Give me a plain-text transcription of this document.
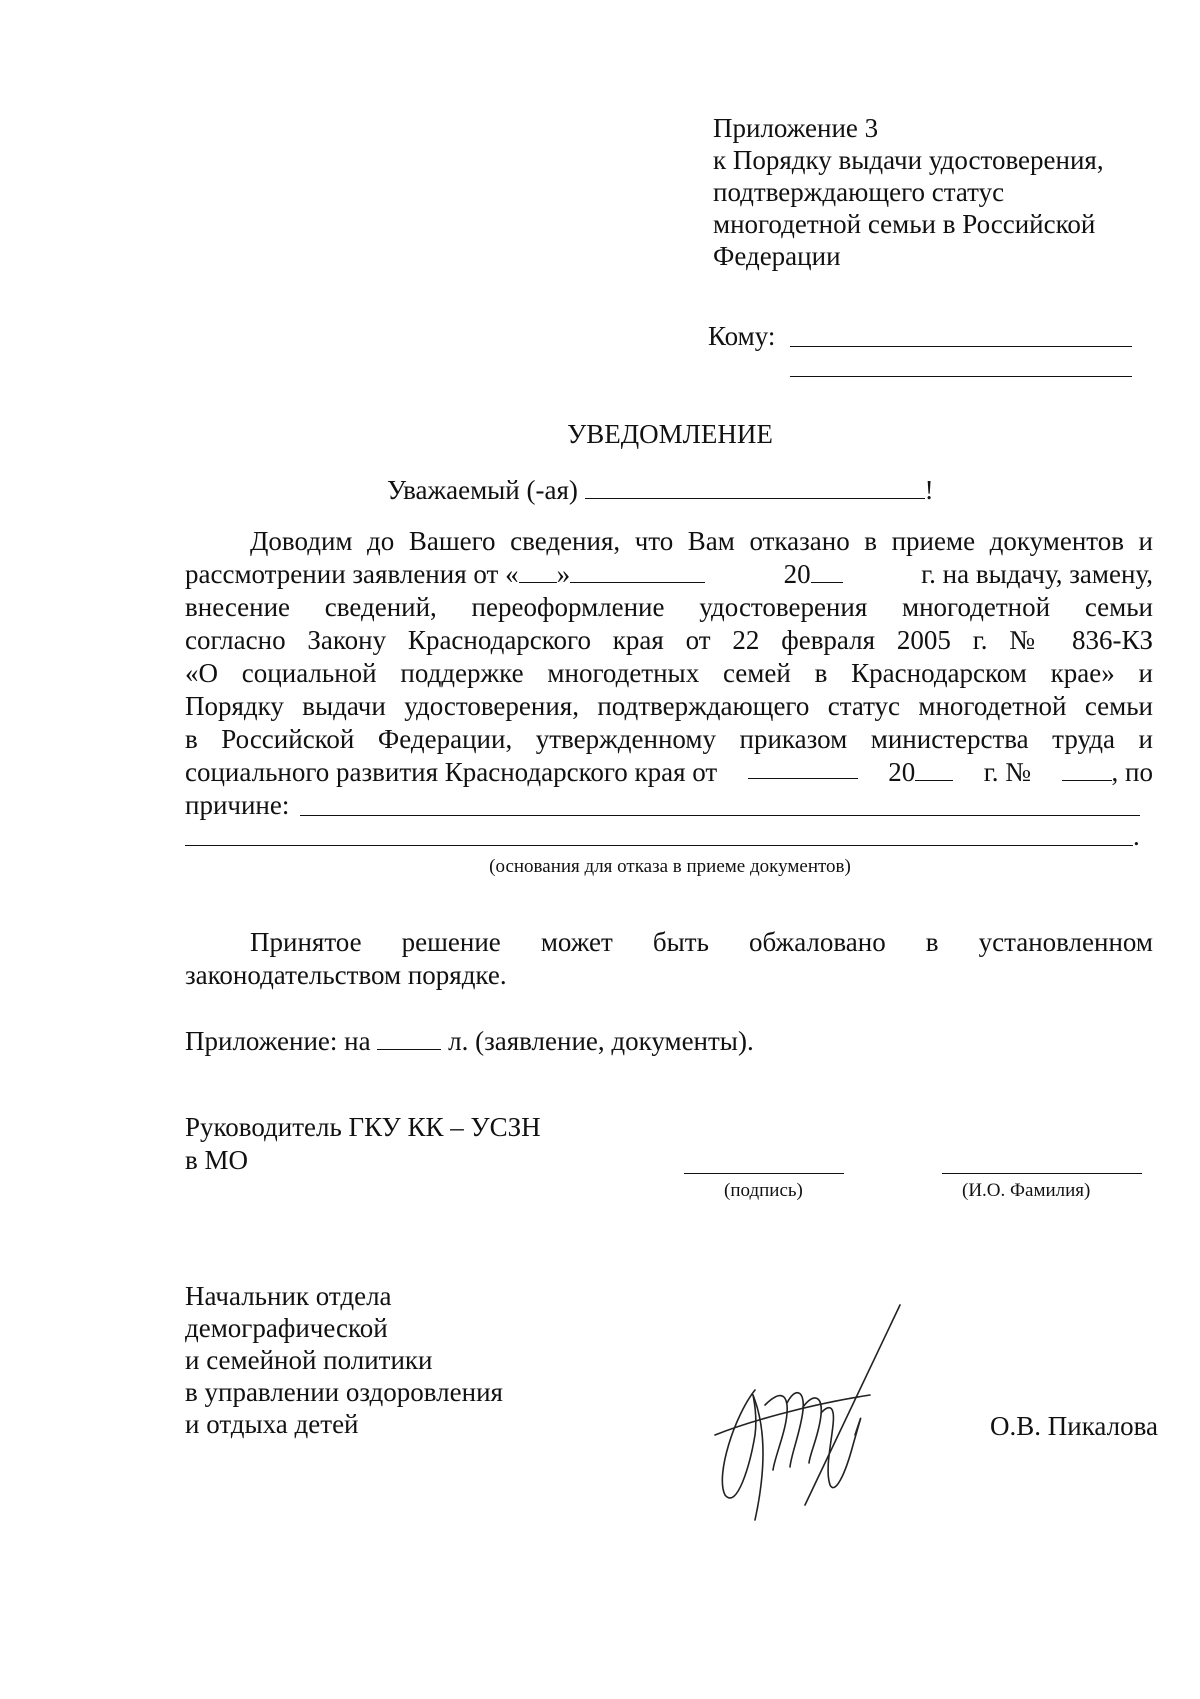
Приложение 3
к Порядку выдачи удостоверения,
подтверждающего статус
многодетной семьи в Российской
Федерации
Кому:
УВЕДОМЛЕНИЕ
Уважаемый (-ая)	!
Доводим до Вашего сведения, что Вам отказано в приеме документов и
рассмотрении заявления от « »	20	г. на выдачу, замену,
внесение сведений, переоформление удостоверения многодетной семьи
согласно Закону Краснодарского края от 22 февраля 2005 г. № 836-КЗ
«О социальной поддержке многодетных семей в Краснодарском крае» и
Порядку выдачи удостоверения, подтверждающего статус многодетной семьи
в Российской Федерации, утвержденному приказом министерства труда и
социального развития Краснодарского края от	20	г. №	, по
причине:
.
(основания для отказа в приеме документов)
Принятое решение может быть обжаловано в установленном
законодательством порядке.
Приложение: на	л. (заявление, документы).
Руководитель ГКУ КК – УСЗН
в МО
(подпись)	(И.О. Фамилия)
Начальник отдела
демографической
и семейной политики
в управлении оздоровления
и отдыха детей	О.В. Пикалова
